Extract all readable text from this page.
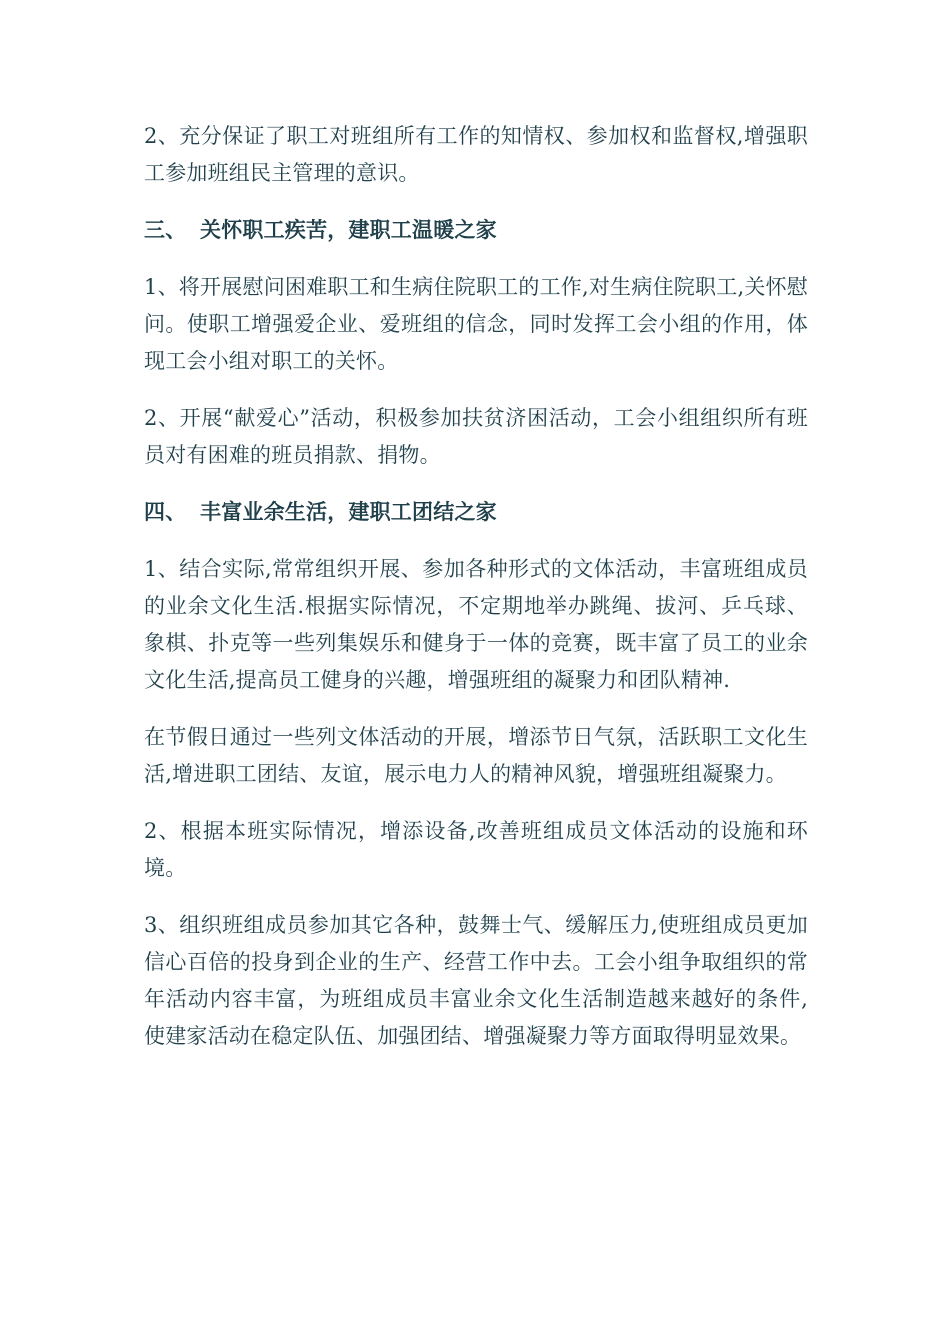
2、充分保证了职工对班组所有工作的知情权、参加权和监督权,增强职工参加班组民主管理的意识。

三、 关怀职工疾苦，建职工温暖之家

1、将开展慰问困难职工和生病住院职工的工作,对生病住院职工,关怀慰问。使职工增强爱企业、爱班组的信念，同时发挥工会小组的作用，体现工会小组对职工的关怀。

2、开展“献爱心”活动，积极参加扶贫济困活动，工会小组组织所有班员对有困难的班员捐款、捐物。

四、 丰富业余生活，建职工团结之家

1、结合实际,常常组织开展、参加各种形式的文体活动，丰富班组成员的业余文化生活.根据实际情况，不定期地举办跳绳、拔河、乒乓球、象棋、扑克等一些列集娱乐和健身于一体的竞赛，既丰富了员工的业余文化生活,提高员工健身的兴趣，增强班组的凝聚力和团队精神.

在节假日通过一些列文体活动的开展，增添节日气氛，活跃职工文化生活,增进职工团结、友谊，展示电力人的精神风貌，增强班组凝聚力。

2、根据本班实际情况，增添设备,改善班组成员文体活动的设施和环境。

3、组织班组成员参加其它各种，鼓舞士气、缓解压力,使班组成员更加信心百倍的投身到企业的生产、经营工作中去。工会小组争取组织的常年活动内容丰富，为班组成员丰富业余文化生活制造越来越好的条件,使建家活动在稳定队伍、加强团结、增强凝聚力等方面取得明显效果。
